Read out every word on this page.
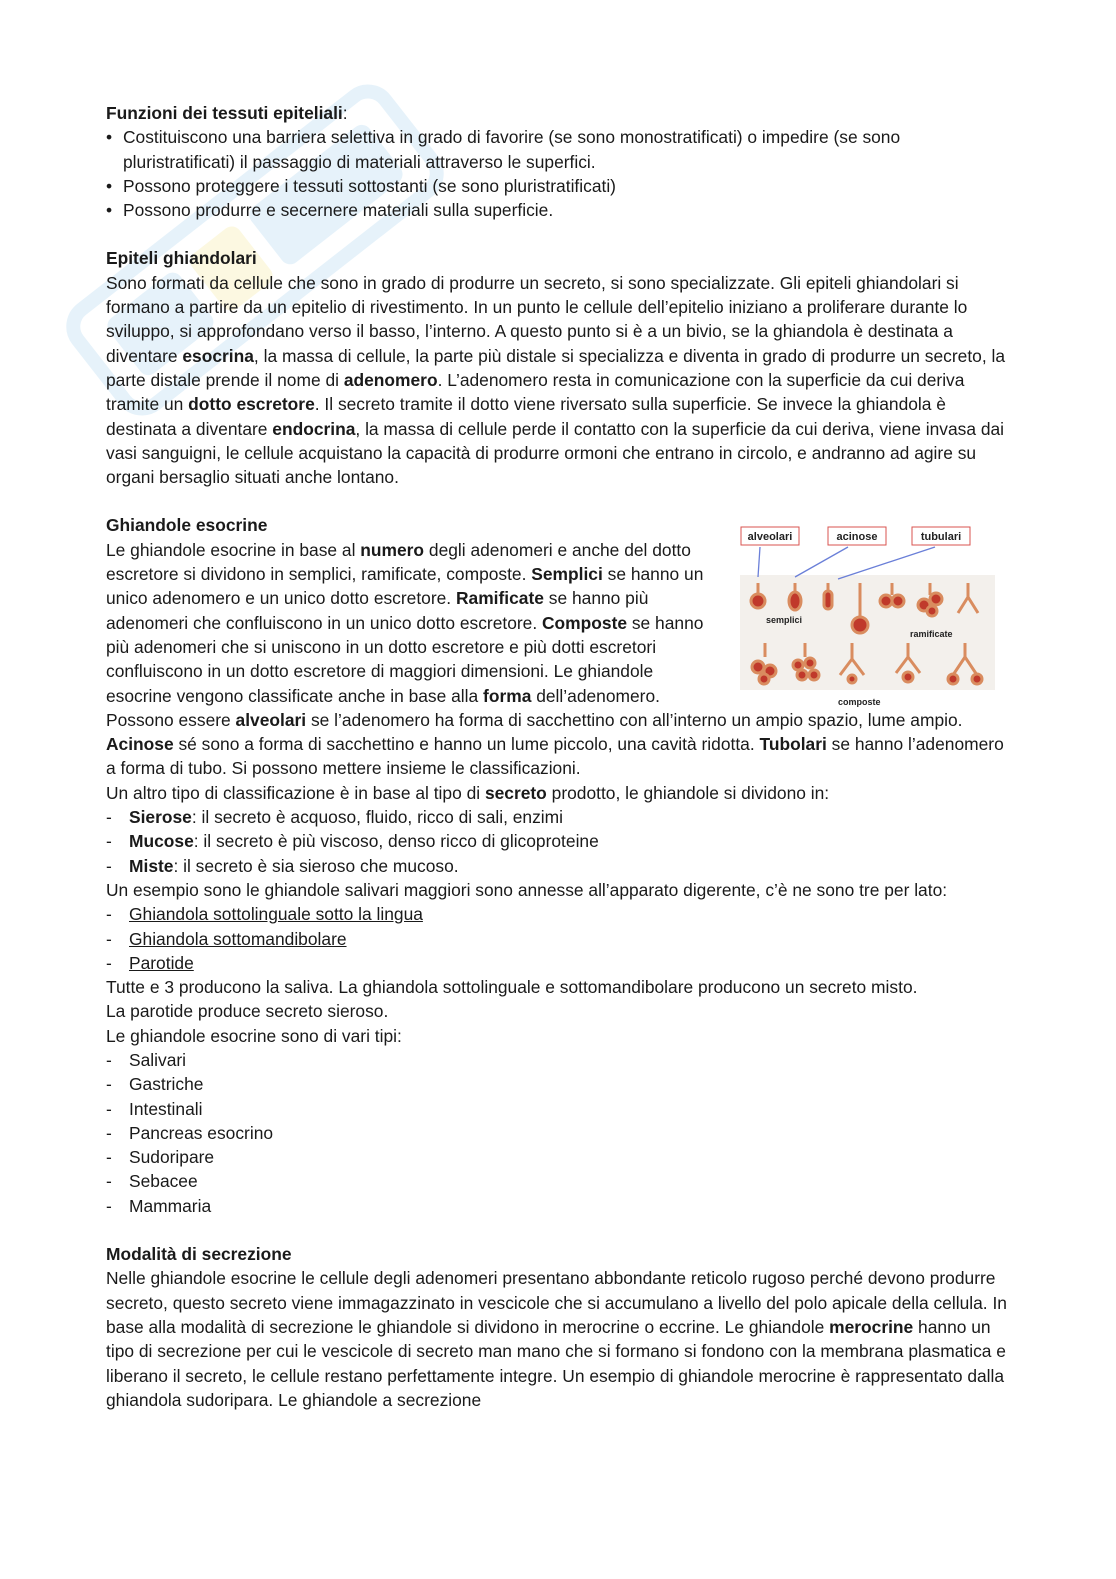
Funzioni dei tessuti epiteliali:

• Costituiscono una barriera selettiva in grado di favorire (se sono monostratificati) o impedire (se sono pluristratificati) il passaggio di materiali attraverso le superfici.

• Possono proteggere i tessuti sottostanti (se sono pluristratificati)

• Possono produrre e secernere materiali sulla superficie.

Epiteli ghiandolari

Sono formati da cellule che sono in grado di produrre un secreto, si sono specializzate. Gli epiteli ghiandolari si formano a partire da un epitelio di rivestimento. In un punto le cellule dell’epitelio iniziano a proliferare durante lo sviluppo, si approfondano verso il basso, l’interno. A questo punto si è a un bivio, se la ghiandola è destinata a diventare esocrina, la massa di cellule, la parte più distale si specializza e diventa in grado di produrre un secreto, la parte distale prende il nome di adenomero. L’adenomero resta in comunicazione con la superficie da cui deriva tramite un dotto escretore. Il secreto tramite il dotto viene riversato sulla superficie. Se invece la ghiandola è destinata a diventare endocrina, la massa di cellule perde il contatto con la superficie da cui deriva, viene invasa dai vasi sanguigni, le cellule acquistano la capacità di produrre ormoni che entrano in circolo, e andranno ad agire su organi bersaglio situati anche lontano.

Ghiandole esocrine

Le ghiandole esocrine in base al numero degli adenomeri e anche del dotto escretore si dividono in semplici, ramificate, composte. Semplici se hanno un unico adenomero e un unico dotto escretore. Ramificate se hanno più adenomeri che confluiscono in un unico dotto escretore. Composte se hanno più adenomeri che si uniscono in un dotto escretore e più dotti escretori confluiscono in un dotto escretore di maggiori dimensioni. Le ghiandole esocrine vengono classificate anche in base alla forma dell’adenomero.

Possono essere alveolari se l’adenomero ha forma di sacchettino con all’interno un ampio spazio, lume ampio. Acinose sé sono a forma di sacchettino e hanno un lume piccolo, una cavità ridotta. Tubolari se hanno l’adenomero a forma di tubo. Si possono mettere insieme le classificazioni.

Un altro tipo di classificazione è in base al tipo di secreto prodotto, le ghiandole si dividono in:

- Sierose: il secreto è acquoso, fluido, ricco di sali, enzimi

- Mucose: il secreto è più viscoso, denso ricco di glicoproteine

- Miste: il secreto è sia sieroso che mucoso.

Un esempio sono le ghiandole salivari maggiori sono annesse all’apparato digerente, c’è ne sono tre per lato:

- Ghiandola sottolinguale sotto la lingua

- Ghiandola sottomandibolare

- Parotide

Tutte e 3 producono la saliva. La ghiandola sottolinguale e sottomandibolare producono un secreto misto.

La parotide produce secreto sieroso.

Le ghiandole esocrine sono di vari tipi:

- Salivari

- Gastriche

- Intestinali

- Pancreas esocrino

- Sudoripare

- Sebacee

- Mammaria

Modalità di secrezione

Nelle ghiandole esocrine le cellule degli adenomeri presentano abbondante reticolo rugoso perché devono produrre secreto, questo secreto viene immagazzinato in vescicole che si accumulano a livello del polo apicale della cellula. In base alla modalità di secrezione le ghiandole si dividono in merocrine o eccrine. Le ghiandole merocrine hanno un tipo di secrezione per cui le vescicole di secreto man mano che si formano si fondono con la membrana plasmatica e liberano il secreto, le cellule restano perfettamente integre. Un esempio di ghiandole merocrine è rappresentato dalla ghiandola sudoripara. Le ghiandole a secrezione

alveolari	acinose	tubulari
semplici
ramificate
composte
